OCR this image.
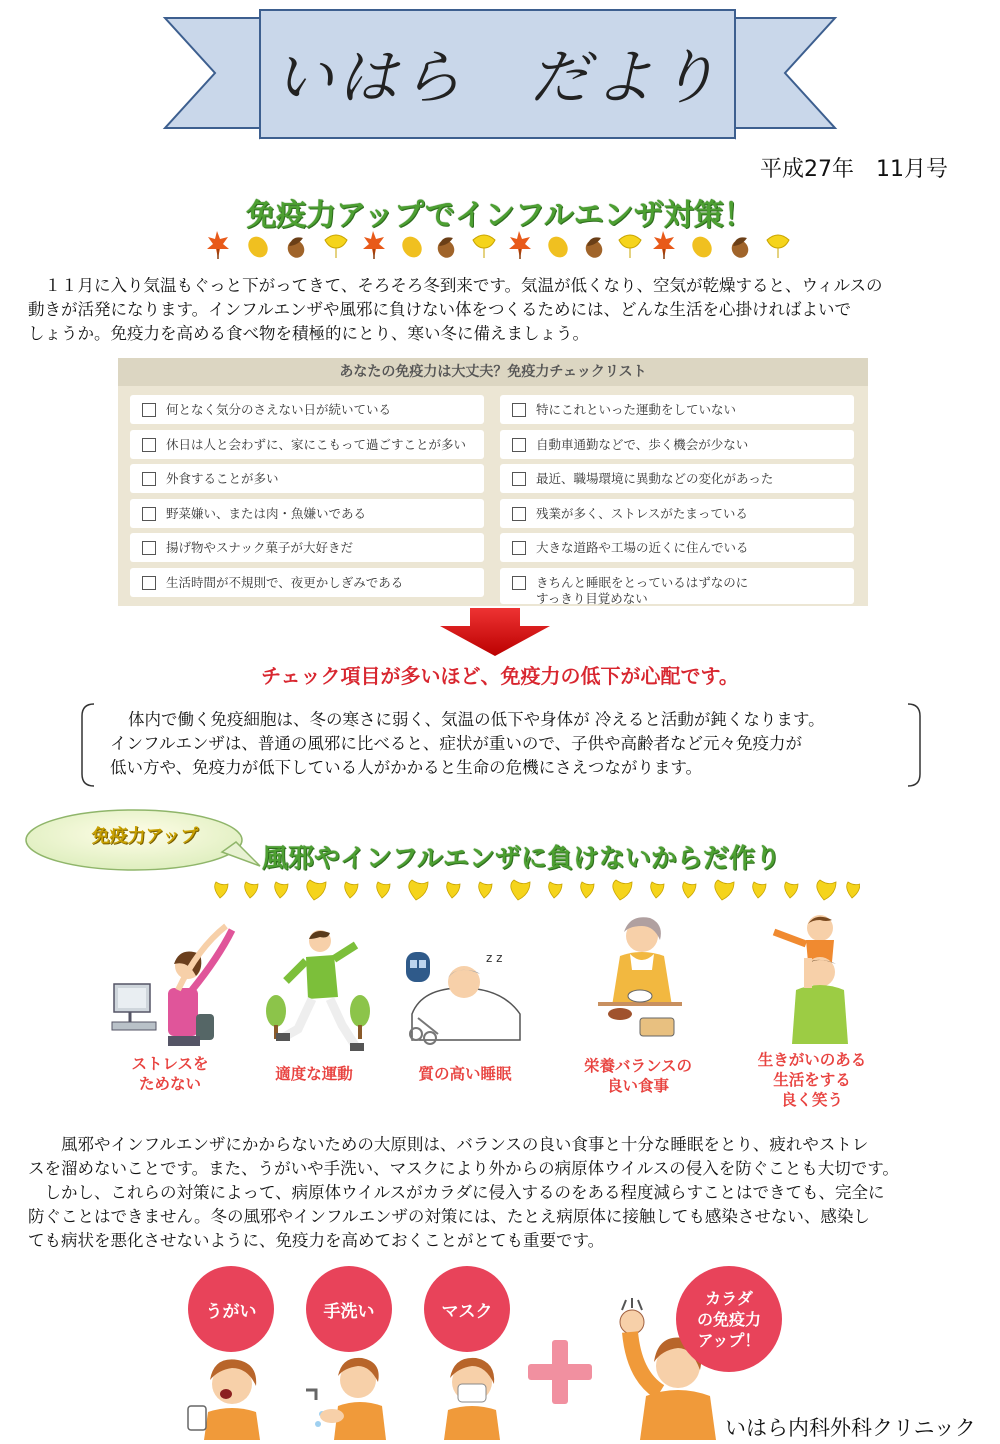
いはら　だより
平成27年　11月号
免疫力アップでインフルエンザ対策！
　１１月に入り気温もぐっと下がってきて、そろそろ冬到来です。気温が低くなり、空気が乾燥すると、ウィルスの
動きが活発になります。インフルエンザや風邪に負けない体をつくるためには、どんな生活を心掛ければよいで
しょうか。免疫力を高める食べ物を積極的にとり、寒い冬に備えましょう。
あなたの免疫力は大丈夫？免疫力チェックリスト
何となく気分のさえない日が続いている
休日は人と会わずに、家にこもって過ごすことが多い
外食することが多い
野菜嫌い、または肉・魚嫌いである
揚げ物やスナック菓子が大好きだ
生活時間が不規則で、夜更かしぎみである
特にこれといった運動をしていない
自動車通勤などで、歩く機会が少ない
最近、職場環境に異動などの変化があった
残業が多く、ストレスがたまっている
大きな道路や工場の近くに住んでいる
きちんと睡眠をとっているはずなのに
すっきり目覚めない
チェック項目が多いほど、免疫力の低下が心配です。
体内で働く免疫細胞は、冬の寒さに弱く、気温の低下や身体が 冷えると活動が鈍くなります。
インフルエンザは、普通の風邪に比べると、症状が重いので、子供や高齢者など元々免疫力が
低い方や、免疫力が低下している人がかかると生命の危機にさえつながります。
免疫力アップ
風邪やインフルエンザに負けないからだ作り
ストレスを
ためない
適度な運動
z z
質の高い睡眠	栄養バランスの
良い食事
生きがいのある
生活をする
良く笑う
　　風邪やインフルエンザにかからないための大原則は、バランスの良い食事と十分な睡眠をとり、疲れやストレ
スを溜めないことです。また、うがいや手洗い、マスクにより外からの病原体ウイルスの侵入を防ぐことも大切です。
　しかし、これらの対策によって、病原体ウイルスがカラダに侵入するのをある程度減らすことはできても、完全に
防ぐことはできません。冬の風邪やインフルエンザの対策には、たとえ病原体に接触しても感染させない、感染し
ても病状を悪化させないように、免疫力を高めておくことがとても重要です。
うがい	手洗い	マスク
カラダ
の免疫力
アップ！
いはら内科外科クリニック
